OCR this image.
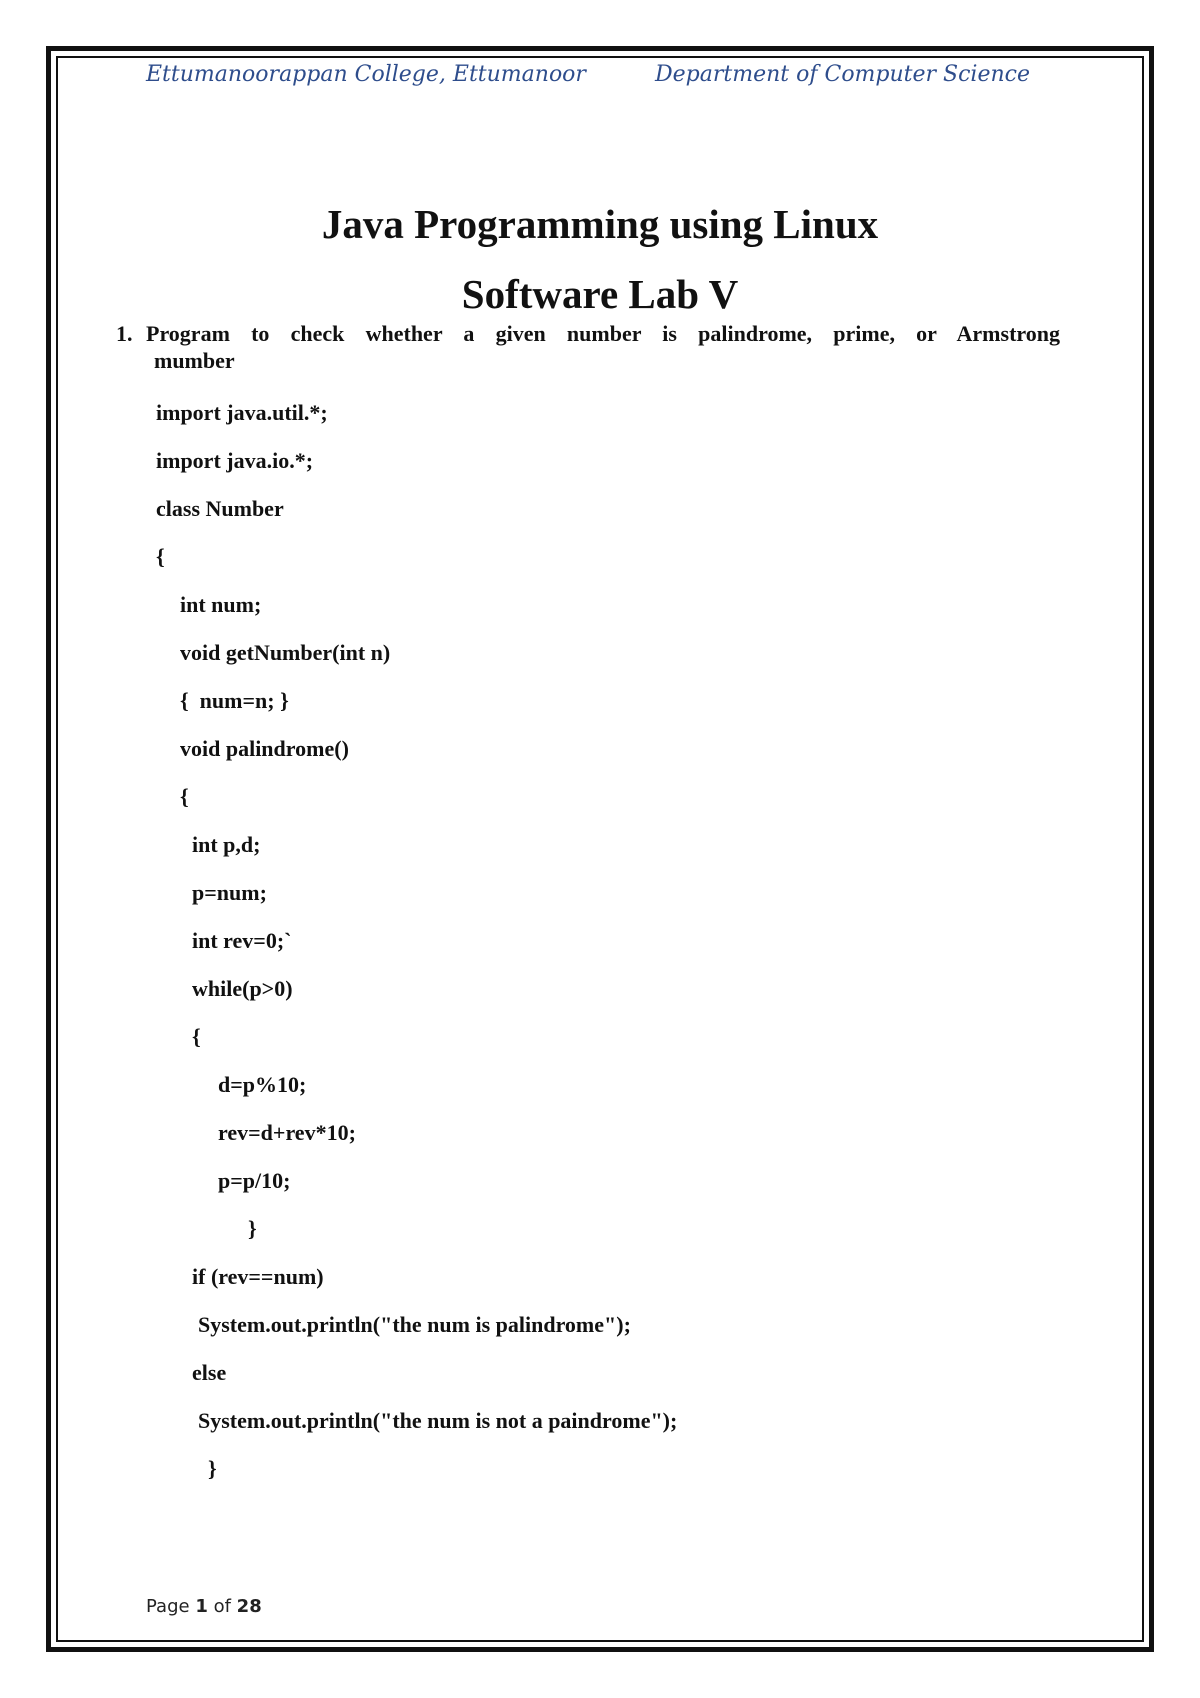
Ettumanoorappan College, Ettumanoor	Department of Computer Science
Java Programming using Linux
Software Lab V
1. Program to check whether a given number is palindrome, prime, or Armstrong
mumber
import java.util.*;
import java.io.*;
class Number
{
int num;
void getNumber(int n)
{  num=n; }
void palindrome()
{
int p,d;
p=num;
int rev=0;`
while(p>0)
{
d=p%10;
rev=d+rev*10;
p=p/10;
}
if (rev==num)
System.out.println("the num is palindrome");
else
System.out.println("the num is not a paindrome");
}
Page 1 of 28
